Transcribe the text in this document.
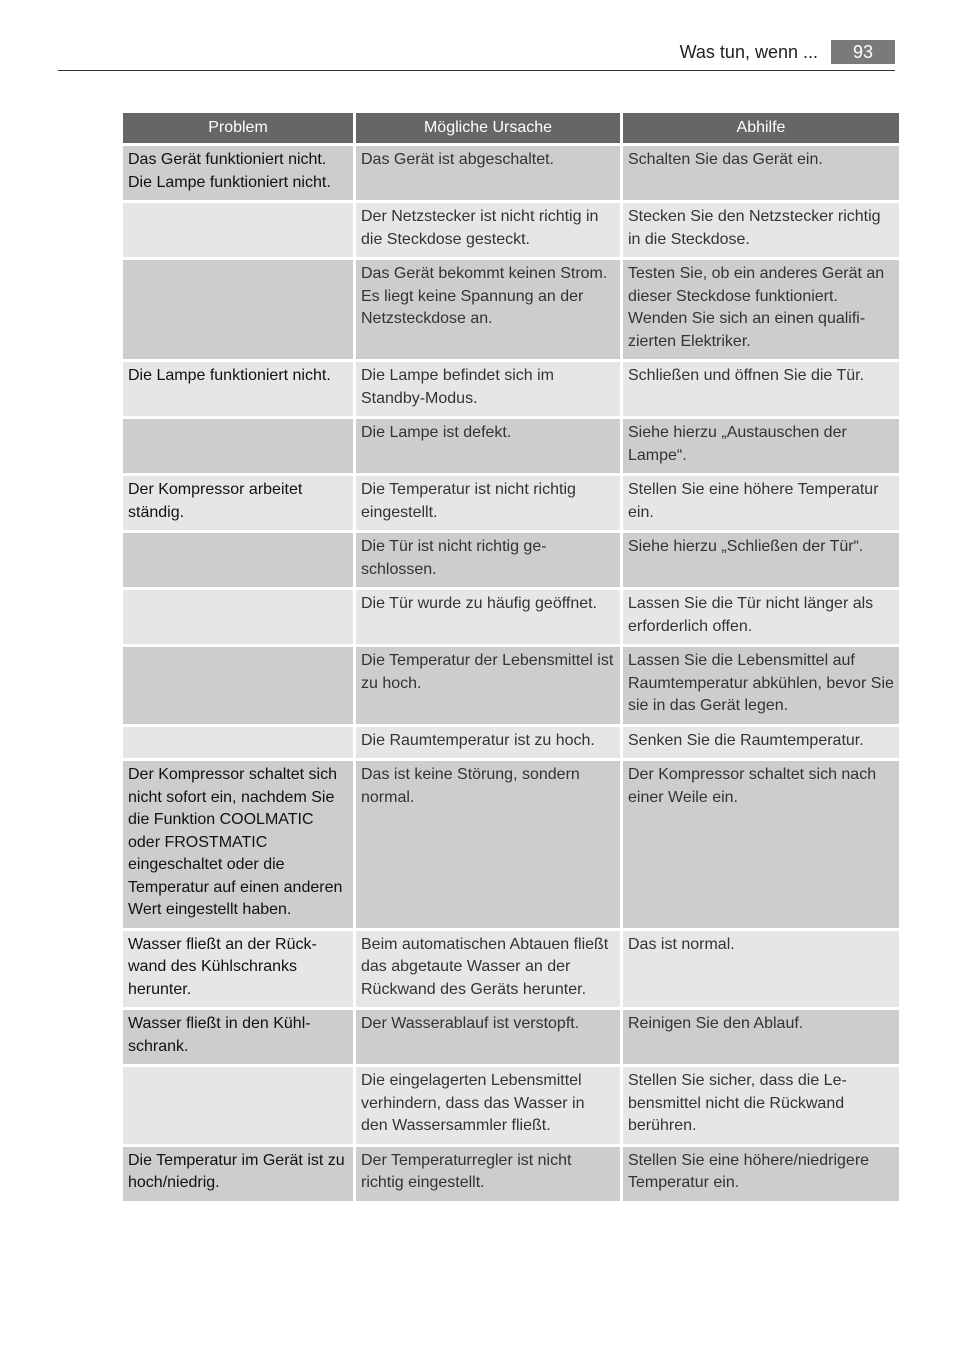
Was tun, wenn ...	93
Problem	Mögliche Ursache	Abhilfe
Das Gerät funktioniert nicht. Die Lampe funktioniert nicht.	Das Gerät ist abgeschaltet.	Schalten Sie das Gerät ein.
	Der Netzstecker ist nicht richtig in die Steckdose gesteckt.	Stecken Sie den Netzstecker richtig in die Steckdose.
	Das Gerät bekommt keinen Strom. Es liegt keine Spannung an der Netzsteckdose an.	Testen Sie, ob ein anderes Gerät an dieser Steckdose funktioniert. Wenden Sie sich an einen qualifizierten Elektriker.
Die Lampe funktioniert nicht.	Die Lampe befindet sich im Standby-Modus.	Schließen und öffnen Sie die Tür.
	Die Lampe ist defekt.	Siehe hierzu „Austauschen der Lampe“.
Der Kompressor arbeitet ständig.	Die Temperatur ist nicht richtig eingestellt.	Stellen Sie eine höhere Temperatur ein.
	Die Tür ist nicht richtig geschlossen.	Siehe hierzu „Schließen der Tür“.
	Die Tür wurde zu häufig geöffnet.	Lassen Sie die Tür nicht länger als erforderlich offen.
	Die Temperatur der Lebensmittel ist zu hoch.	Lassen Sie die Lebensmittel auf Raumtemperatur abkühlen, bevor Sie sie in das Gerät legen.
	Die Raumtemperatur ist zu hoch.	Senken Sie die Raumtemperatur.
Der Kompressor schaltet sich nicht sofort ein, nachdem Sie die Funktion COOLMATIC oder FROSTMATIC eingeschaltet oder die Temperatur auf einen anderen Wert eingestellt haben.	Das ist keine Störung, sondern normal.	Der Kompressor schaltet sich nach einer Weile ein.
Wasser fließt an der Rückwand des Kühlschranks herunter.	Beim automatischen Abtauen fließt das abgetaute Wasser an der Rückwand des Geräts herunter.	Das ist normal.
Wasser fließt in den Kühlschrank.	Der Wasserablauf ist verstopft.	Reinigen Sie den Ablauf.
	Die eingelagerten Lebensmittel verhindern, dass das Wasser in den Wassersammler fließt.	Stellen Sie sicher, dass die Lebensmittel nicht die Rückwand berühren.
Die Temperatur im Gerät ist zu hoch/niedrig.	Der Temperaturregler ist nicht richtig eingestellt.	Stellen Sie eine höhere/niedrigere Temperatur ein.
